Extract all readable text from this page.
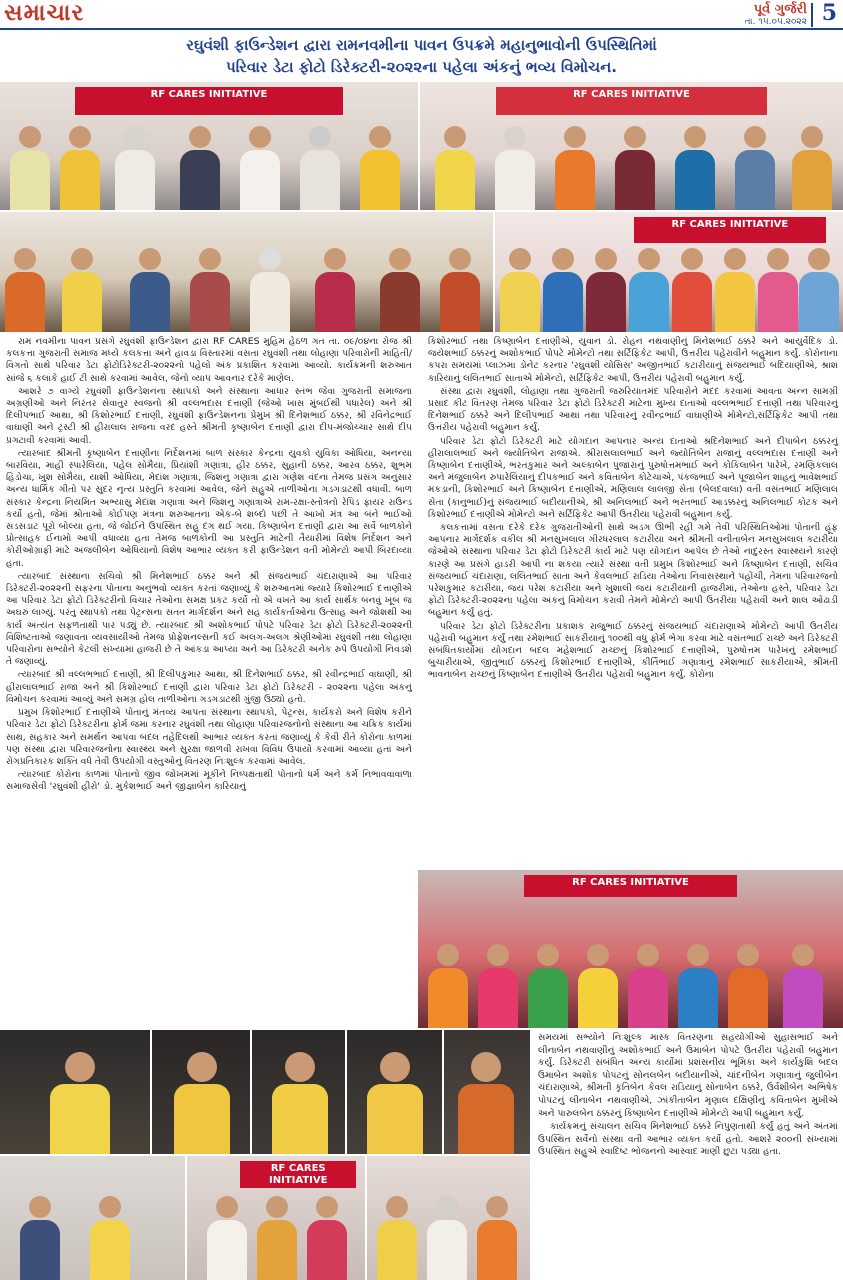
સમાચાર	પૂર્વ ગુર્જરી
તા. ૧૫.૦૫.૨૦૨૨ 5
રઘુવંશી ફાઉન્ડેશન દ્વારા રામનવમીના પાવન ઉપક્રમે મહાનુભાવોની ઉપસ્થિતિમાં
પરિવાર ડેટા ફોટો ડિરેક્ટરી-૨૦૨૨ના પહેલા અંકનું ભવ્ય વિમોચન.
RF CARES INITIATIVE	RF CARES INITIATIVE
RF CARES INITIATIVE

રામ નવમીના પાવન પ્રસંગે રઘુવંશી ફાઉન્ડેશન દ્વારા RF CARES મુહિમ હેઠળ ગત તા. ૦૯/૦૪ના રોજ શ્રી કલકત્તા ગુજરાતી સમાજ મધ્યે કલકત્તા અને હાવડા વિસ્તારમાં વસતા રઘુવંશી તથા લોહાણા પરિવારોની માહિતી/વિગતો સાથે પરિવાર ડેટા ફોટોડિરેક્ટરી-૨૦૨૨નો પહેલો અંક પ્રકાશિત કરવામાં આવ્યો. કાર્યક્રમની શરુઆત સાંજે ૬ કલાકે હાઈ ટી સાથે કરવામાં આવેલ, જેનો વ્યાપ આવનાર દરેકે માણેલ.

આશરે ૭ વાગ્યે રઘુવંશી ફાઉન્ડેશનના સ્થાપકો અને સંસ્થાના આધાર સ્તંભ જેવા ગુજરાતી સમાજના અગ્રણીઓ અને નિરંતર સેવાતુર સ્વજનો શ્રી વલ્લભદાસ દત્તાણી (જેઓ ખાસ મુંબઈથી પધારેલ) અને શ્રી દિલીપભાઈ આથા, શ્રી કિશોરભાઈ દત્તાણી, રઘુવંશી ફાઉન્ડેશનના પ્રેમુખ શ્રી દિનેશભાઈ ઠક્કર, શ્રી રવિનેદ્રભાઈ વાઘાણી અને ટ્રસ્ટી શ્રી હીરાલાલ રાજના વરદ હસ્તે શ્રીમતી કૃષ્ણાબેન દત્તાણી દ્વારા દીપ-મંજોચ્ચાર સાથે દીપ પ્રગટાવી કરવામાં આવી.

ત્યારબાદ શ્રીમતી કૃષ્ણાબેન દત્તાણીના નિર્દેશનમાં બાળ સંસ્કાર કેન્દ્રના યુવકો યુવિકા ઓધિયા, અનન્યા બારવિયા, માહી સ્પારેલિયા, પહેલ સોમૈયા, પ્રિયાંશી ગણાત્રા, હીર ઠક્કર, સુહાની ઠક્કર, આરવ ઠક્કર, શુભમ હિંડોચા, ખુશ સોમૈયા, યાશી ઓધિયા, મેદાંશ ગણાત્રા, જિશનુ ગણાત્રા દ્વારા ગણેશ વંદના તેમજ પ્રસંગ અનુસાર અન્ય ધાર્મિક ગીતો પર સુંદર નૃત્ય પ્રસ્તુતિ કરવામાં આવેલ, જેને સહુએ તાળીઓના ગડગડાટથી વધાવી. બાળ સંસ્કાર કેન્દ્રના નિયમિત અભ્યાસુ મેદાંશ ગણાત્રા અને જિશનુ ગણાત્રાએ રામ-રક્ષા-સ્તોત્રનો રેપિડ ફાયર રાઉન્ડ કર્યો હતો, જેમાં શ્રોતાઓ કોઈપણ મંત્રના શરુઆતના એક-બે શબ્દો પછી તે આખો મંત્ર આ બંને ભાઈઓ સડસડાટ પૂરો બોલ્યા હતા, જે જોઈને ઉપસ્થિત સહુ દંગ થઈ ગયા. કિષ્ણાબેન દત્તાણી દ્વારા આ સર્વે બાળકોને પ્રોત્સાહક ઈનામો આપી વધાવ્યા હતા તેમજ બાળકોની આ પ્રસ્તુતિ માટેની તૈયારીમાં વિશેષ નિર્દેશન અને કોરીઓગ્રાફી માટે અંજલીબેન ઓધિયાનો વિશેષ આભાર વ્યક્ત કરી ફાઉન્ડેશન વતી મોમેન્ટો આપી બિરદાવ્યા હતા.

ત્યારબાદ સંસ્થાના સચિવો શ્રી મિનેશભાઈ ઠક્કર અને શ્રી સંજયભાઈ ચંદારાણાએ આ પરિવાર ડિરેક્ટરી-૨૦૨૨ની સફરના પોતાના અનુભવો વ્યક્ત કરતાં જણાવ્યું કે શરુઆતમાં જ્યારે કિશોરભાઈ દત્તાણીએ આ પરિવાર ડેટા ફોટો ડિરેક્ટરીનો વિચાર તેઓના સમક્ષ પ્રકટ કર્યો તો એ વખતે આ કાર્ય સાર્થક બનવું ખૂબ જ અઘરું લાગ્યું. પરંતુ સ્થાપકો તથા પેટ્રન્સના સતત માર્ગદર્શન અને સહ કાર્યકર્તાઓના ઉત્સાહ અને જોશથી આ કાર્ય અત્યંત સફળતાથી પાર પડ્યું છે. ત્યારબાદ શ્રી અશોકભાઈ પોપટે પરિવાર ડેટા ફોટો ડિરેક્ટરી-૨૦૨૨ની વિશિષ્ટતાઓ જણાવતા વ્યવસાયીઓ તેમજ પ્રોફેશનલ્સની કઈ અલગ-અલગ શ્રેણીઓમાં રઘુવંશી તથા લોહાણા પરિવારોના સભ્યોને કેટલી સંખ્યામાં હાજરી છે તે આંકડા આપ્યા અને આ ડિરેક્ટરી અનેક રુપે ઉપયોગી નિવડશે તે જણાવ્યું.

ત્યારબાદ શ્રી વલ્લભભાઈ દત્તાણી, શ્રી દિલીપકુમાર આથા, શ્રી દિનેશભાઈ ઠક્કર, શ્રી રવીન્દ્રભાઈ વાઘાણી, શ્રી હીરાલાલભાઈ રાજા અને શ્રી કિશોરભાઈ દત્તાણી દ્વારા પરિવાર ડેટા ફોટો ડિરેક્ટરી - ૨૦૨૨ના પહેલા અંકનું વિમોચન કરવામાં આવ્યું અને સમગ્ર હોલ તાળીઓના ગડગડાટથી ગુંજી ઉઠ્યો હતો.

પ્રમુખ કિશોરભાઈ દત્તાણીએ પોતાનું મંતવ્ય આપતા સંસ્થાના સ્થાપકો, પેટ્રન્સ, કાર્યકરો અને વિશેષ કરીને પરિવાર ડેટા ફોટો ડિરેક્ટરીના ફોર્મ જમા કરનાર રઘુવંશી તથા લોહાણા પરિવારજનોનો સંસ્થાના આ ચક્રિક કાર્યમાં સાથ, સહકાર અને સમર્થન આપવા બદલ તહેદિલથી આભાર વ્યક્ત કરતાં જણાવ્યું કે કેવી રીતે કોરોના કાળમાં પણ સંસ્થા દ્વારા પરિવારજનોના સ્વાસ્થ્ય અને સુરક્ષા જાળવી રાખવા વિવિધ ઉપાયો કરવામાં આવ્યા હતાં અને રોગપ્રતિકારક શક્તિ વધે તેવી ઉપયોગી વસ્તુઓનું વિતરણ નિઃશુલ્ક કરવામાં આવેલ.

ત્યારબાદ કોરોના કાળમાં પોતાનો જીવ જોખમમાં મૂકીને નિષ્પક્ષતાથી પોતાનો ધર્મ અને કર્મ નિભાવવાવાળા સમાજસેવી 'રઘુવંશી હીરો' ડો. મુકેશભાઈ અને જીજ્ઞાબેન કારિયાનું

કિશોરભાઈ તથા કિષ્ણાબેન દત્તાણીએ, યુવાન ડો. રોહન નથવાણીનું મિનેશભાઈ ઠક્કરે અને આયુર્વેદિક ડો. જયેશભાઈ ઠક્કરનું અશોકભાઈ પોપટે મોમેન્ટો તથા સર્ટિફિકેટ આપી, ઉત્તરીય પહેરાવીને બહુમાન કર્યું. કોરોનાના કપરા સમયમાં પ્લાઝમા ડોનેટ કરનાર 'રઘુવંશી યોસિસ' અજીતભાઈ કટારીયાનું સંજયભાઈ બદિયાણીએ, શ્રાશ કારિયાનું લલિતભાઈ સાતાએ મોમેન્ટો, સર્ટિફિકેટ આપી, ઉત્તરીય પહેરાવી બહુમાન કર્યું.

સંસ્થા દ્વારા રઘુવંશી, લોહાણા તથા ગુજરાતી જરુરિયાતમંદ પરિવારોને મદદ કરવામાં આવતા અન્ન સામગ્રી પ્રસાદ કીટ વિતરણ તેમજ પરિવાર ડેટા ફોટો ડિરેક્ટરી માટેના મુખ્ય દાતાઓ વલ્લભભાઈ દત્તાણી તથા પરિવારનું દિનેશભાઈ ઠક્કરે અને દિલીપભાઈ આથા તથા પરિવારનું રવીન્દ્રભાઈ વાઘાણીએ મોમેન્ટો,સર્ટિફિકેટ આપી તથા ઉત્તરીય પહેરાવી બહુમાન કર્યું.

પરિવાર ડેટા ફોટો ડિરેક્ટરી માટે યોગદાન આપનાર અન્ય દાતાઓ શ્રદિનેશભાઈ અને દીપાબેન ઠક્કરનું હીરાલાલભાઈ અને જ્યોતિબેન રાજાએ. શ્રીરાસલાલભાઈ અને જ્યોતિબેન રાજાનું વલ્લભદાસ દત્તાણી અને કિષ્ણાબેન દત્તાણીએ, ભરતકુમાર અને અલ્કાબેન પુજારાનું પુરુષોત્તમભાઈ અને કોકિલાબેન પારેખે, રમણિકલાલ અને મંજુલાબેન રુપારેલિયાનું દીપકભાઈ અને કવિતાબેન કોટેચાએ, પંકજભાઈ અને પૂજાબેન શાહનું ભાવેશભાઈ મકડાની, કિશોરભાઈ અને કિષ્ણાબેન દત્તાણીએ, મણિલાલ લાલજી સેતા (બેલદવાલા) વતી વસંતભાઈ મણિલાલ સેતા (કાનુભાઈ)નું સંજયભાઈ બદીયાનીએ, શ્રી અનિલભાઈ અને ભરતભાઈ આડક્કરનું અનિલભાઈ કોટક અને કિશોરભાઈ દત્તાણીએ મોમેન્ટો અને સર્ટિફિકેટ આપી ઉતરીયા પહેરાવી બહુમાન કર્યું.

કલકત્તામાં વસતા દરેકે દરેક ગુજરાતીઓની સાથે અડગ ઊભી રહી ગમે તેવી પરિસ્થિતિઓમાં પોતાની હૂંફ આપનાર માર્ગદર્શક વકીલ શ્રી મનસુખલાલ ગીરધરલાલ કટારીયા અને શ્રીમતી વનીતાબેન મનસુખલાલ કટારીયા જેઓએ સંસ્થાના પરિવાર ડેટા ફોટો ડિરેક્ટરી કાર્ય માટે પણ યોગદાન આપેલ છે તેઓ નાદુરસ્ત સ્વાસ્થ્યને કારણે કારણે આ પ્રસંગે હાડરી આપી ના શકયા ત્યારે સંસ્થા વતી પ્રમુખ કિશોરભાઈ અને કિષ્ણાબેન દત્તાણી, સચિવ સંજયભાઈ ચંદારાણા, લલિતભાઈ સાતા અને કેવલભાઈ રાડિયા તેઓના નિવાસસ્થાને પહોંચી, તેમના પરિવારજનો પરેશકુમાર કટારીયા, જય પરેશ કટારીયા અને ખુશાલી જય કટારીયાની હાજરીમાં, તેઓના હસ્તે, પરિવાર ડેટા ફોટો ડિરેક્ટરી-૨૦૨૨ના પહેલા અંકનું વિમોચન કરાવી તેમને મોમેન્ટો આપી ઉતરીયા પહેરાવી અને શાલ ઓઢાડી બહુમાન કર્યું હતું.

પરિવાર ડેટા ફોટો ડિરેક્ટરીના પ્રકાશક રાજુભાઈ ઠક્કરનું સંજયભાઈ ચંદારાણાએ મોમેન્ટો આપી ઉતરીય પહેરાવી બહુમાન કર્યું તથા રમેશભાઈ સાકરીયાનું ૧૦૦થી વધુ ફોર્મ ભેગા કરવા માટે વસંતભાઈ રાચ્છે અને ડિરેક્ટરી સંબંધિતકાર્યોમાં યોગદાન બદલ મહેશભાઈ રાચ્છનું કિશોરભાઈ દત્તાણીએ, પુરુષોત્તમ પારેખનું રમેશભાઈ બુચારીયાએ, જીતુભાઈ ઠક્કરનું કિશોરભાઈ દત્તાણીએ, કીર્તિભાઈ ગણાત્રાનું રમેશભાઈ સાકરીયાએ, શ્રીમતી ભાવનાબેન રાચ્છનું કિષ્ણાબેન દત્તાણીએ ઉતરીય પહેરાવી બહુમાન કર્યું. કોરોના

RF CARES INITIATIVE
RF CARES INITIATIVE

સમયમાં સભ્યોને નિઃશુલ્ક માસ્ક વિતરણના સહયોગીઓ સુહાસભાઈ અને લીનાબેન નથવાણીનું અશોકભાઈ અને ઉમાબેન પોપટે ઉતરીય પહેરાવી બહુમાન કર્યું. ડિરેક્ટરી સંબંધિત અન્ય કાર્યોમાં પ્રશંસનીય ભૂમિકા અને કાર્યકુશિ બદલ ઉમાબેન અશોક પોપટનું સોનલબેન બદીયાનીએ, ચાંદનીબેન ગણાત્રાનું જુલીબેન ચંદારાણાએ, શ્રીમતી કૃતિબેન કેવલ રાડિયાનું સોનાબેન ઠક્કરે, ઉર્વશીબેન અભિષેક પોપટનું લીનાબેન નથવાણીએ, ઝાંકીતાબેન મૃણાલ દક્ષિણીનું કવિતાબેન મુખીએ અને પારુલબેન ઠક્કરનું કિષ્ણાબેન દત્તાણીએ મોમેન્ટો આપી બહુમાન કર્યું.

કાર્યક્રમનું સંચાલન સચિવ મિનેશભાઈ ઠક્કરે નિપુણતાથી કર્યું હતું અને અંતમાં ઉપસ્થિત સર્વેનો સંસ્થા વતી આભાર વ્યક્ત કર્યો હતો. આશરે ૨૦૦ની સંખ્યામાં ઉપસ્થિત સહુએ સ્વાદિષ્ટ ભોજનનો આસ્વાદ માણી છુટા પડ્યા હતા.
